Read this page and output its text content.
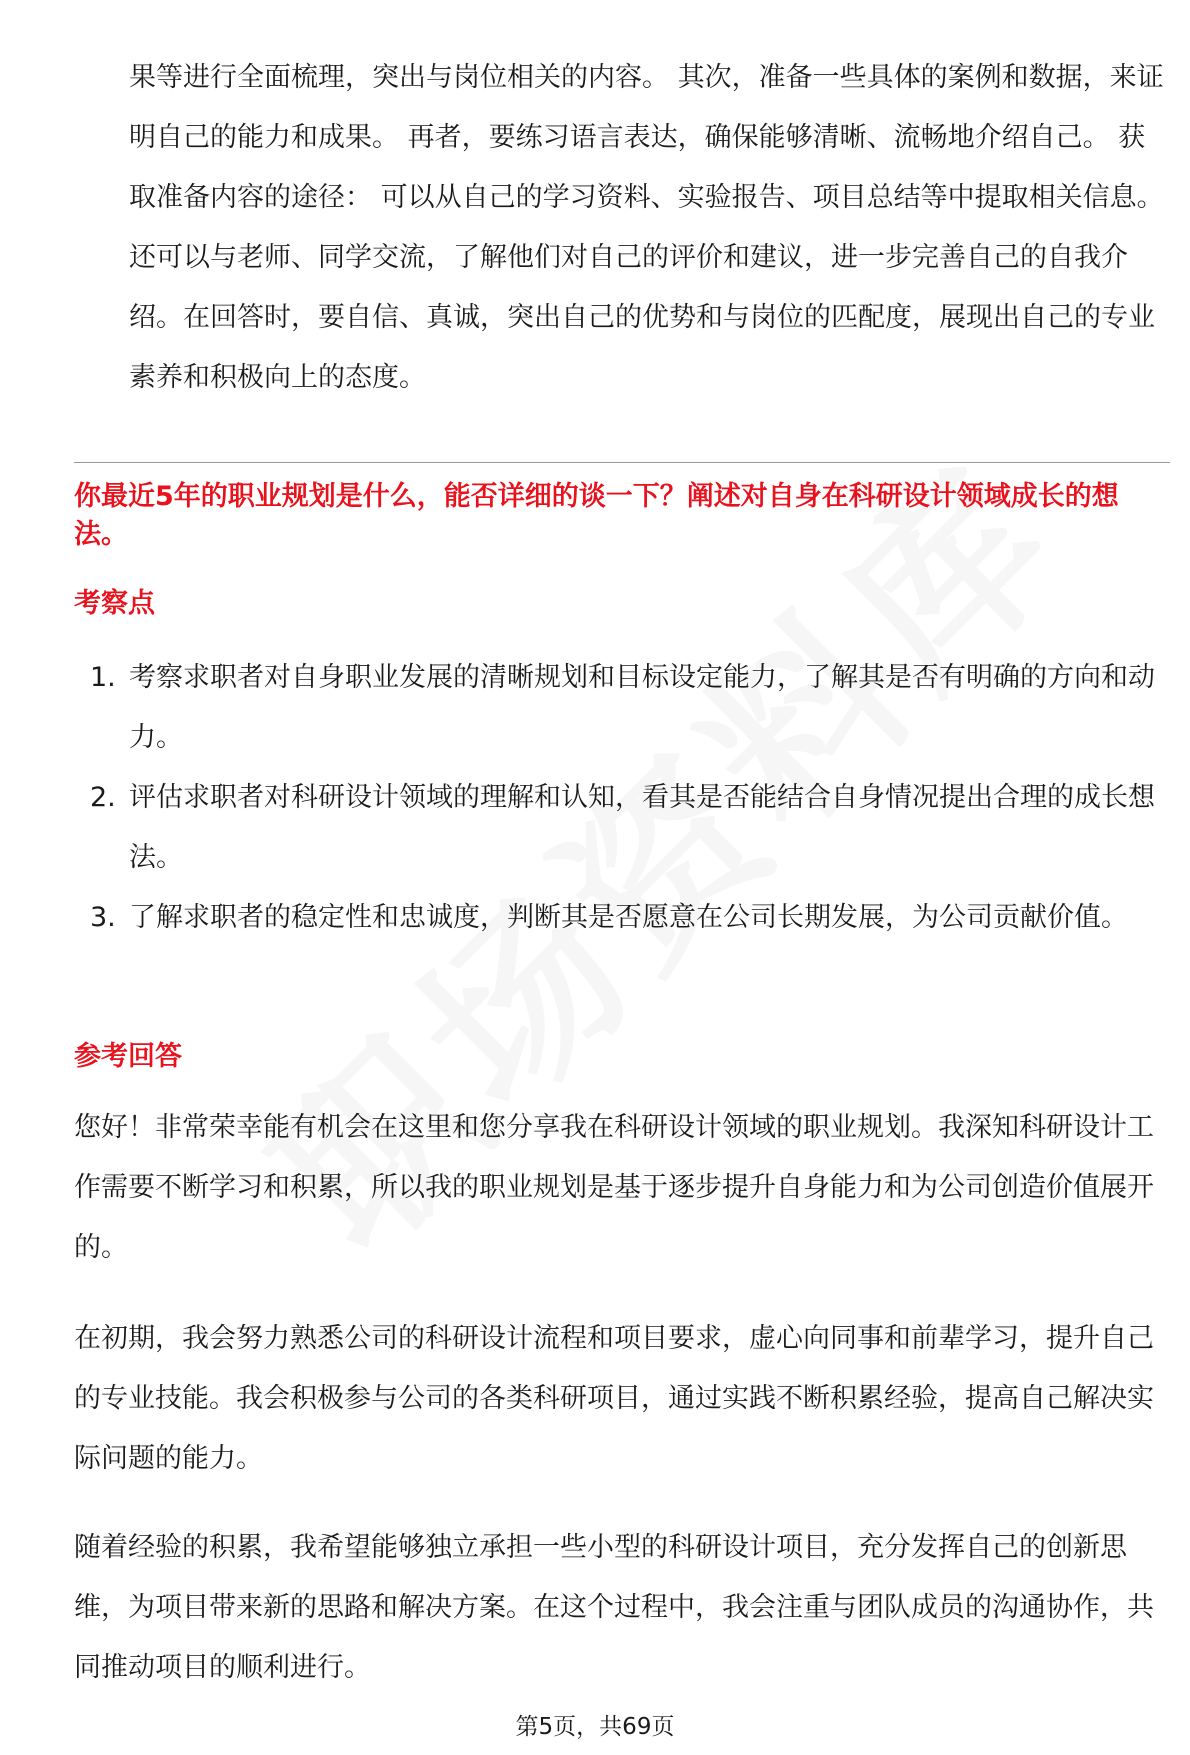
果等进行全面梳理，突出与岗位相关的内容。 其次，准备一些具体的案例和数据，来证明自己的能力和成果。 再者，要练习语言表达，确保能够清晰、流畅地介绍自己。 获取准备内容的途径： 可以从自己的学习资料、实验报告、项目总结等中提取相关信息。还可以与老师、同学交流，了解他们对自己的评价和建议，进一步完善自己的自我介绍。在回答时，要自信、真诚，突出自己的优势和与岗位的匹配度，展现出自己的专业素养和积极向上的态度。
你最近5年的职业规划是什么，能否详细的谈一下？阐述对自身在科研设计领域成长的想法。
考察点
1. 考察求职者对自身职业发展的清晰规划和目标设定能力，了解其是否有明确的方向和动力。
2. 评估求职者对科研设计领域的理解和认知，看其是否能结合自身情况提出合理的成长想法。
3. 了解求职者的稳定性和忠诚度，判断其是否愿意在公司长期发展，为公司贡献价值。
参考回答
您好！非常荣幸能有机会在这里和您分享我在科研设计领域的职业规划。我深知科研设计工作需要不断学习和积累，所以我的职业规划是基于逐步提升自身能力和为公司创造价值展开的。
在初期，我会努力熟悉公司的科研设计流程和项目要求，虚心向同事和前辈学习，提升自己的专业技能。我会积极参与公司的各类科研项目，通过实践不断积累经验，提高自己解决实际问题的能力。
随着经验的积累，我希望能够独立承担一些小型的科研设计项目，充分发挥自己的创新思维，为项目带来新的思路和解决方案。在这个过程中，我会注重与团队成员的沟通协作，共同推动项目的顺利进行。
第5页，共69页
